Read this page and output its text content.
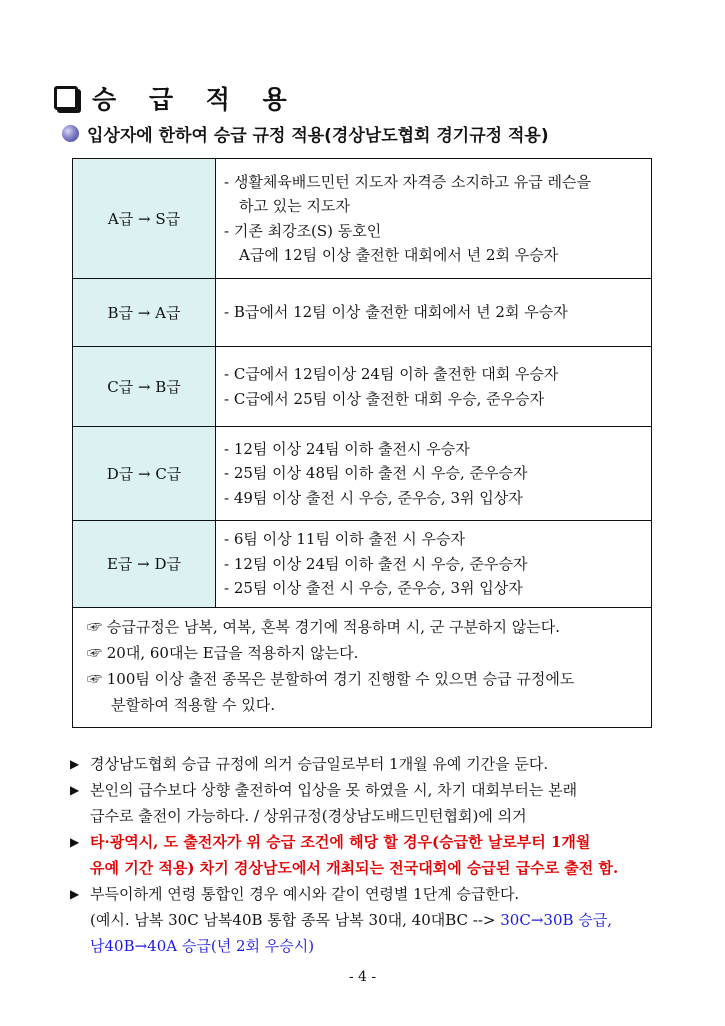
승 급 적 용
입상자에 한하여 승급 규정 적용(경상남도협회 경기규정 적용)
A급 → S급	- 생활체육배드민턴 지도자 자격증 소지하고 유급 레슨을
하고 있는 지도자
- 기존 최강조(S) 동호인
A급에 12팀 이상 출전한 대회에서 년 2회 우승자

B급 → A급	- B급에서 12팀 이상 출전한 대회에서 년 2회 우승자

C급 → B급	- C급에서 12팀이상 24팀 이하 출전한 대회 우승자
- C급에서 25팀 이상 출전한 대회 우승, 준우승자

D급 → C급	- 12팀 이상 24팀 이하 출전시 우승자
- 25팀 이상 48팀 이하 출전 시 우승, 준우승자
- 49팀 이상 출전 시 우승, 준우승, 3위 입상자

E급 → D급	- 6팀 이상 11팀 이하 출전 시 우승자
- 12팀 이상 24팀 이하 출전 시 우승, 준우승자
- 25팀 이상 출전 시 우승, 준우승, 3위 입상자

☞ 승급규정은 남복, 여복, 혼복 경기에 적용하며 시, 군 구분하지 않는다.
☞ 20대, 60대는 E급을 적용하지 않는다.
☞ 100팀 이상 출전 종목은 분할하여 경기 진행할 수 있으면 승급 규정에도
분할하여 적용할 수 있다.	
▶ 경상남도협회 승급 규정에 의거 승급일로부터 1개월 유예 기간을 둔다.
▶ 본인의 급수보다 상향 출전하여 입상을 못 하였을 시, 차기 대회부터는 본래
급수로 출전이 가능하다. / 상위규정(경상남도배드민턴협회)에 의거
▶ 타·광역시, 도 출전자가 위 승급 조건에 해당 할 경우(승급한 날로부터 1개월
유예 기간 적용) 차기 경상남도에서 개최되는 전국대회에 승급된 급수로 출전 함.
▶ 부득이하게 연령 통합인 경우 예시와 같이 연령별 1단계 승급한다.
(예시. 남복 30C 남복40B 통합 종목 남복 30대, 40대BC --> 30C→30B 승급,
남40B→40A 승급(년 2회 우승시)
- 4 -
